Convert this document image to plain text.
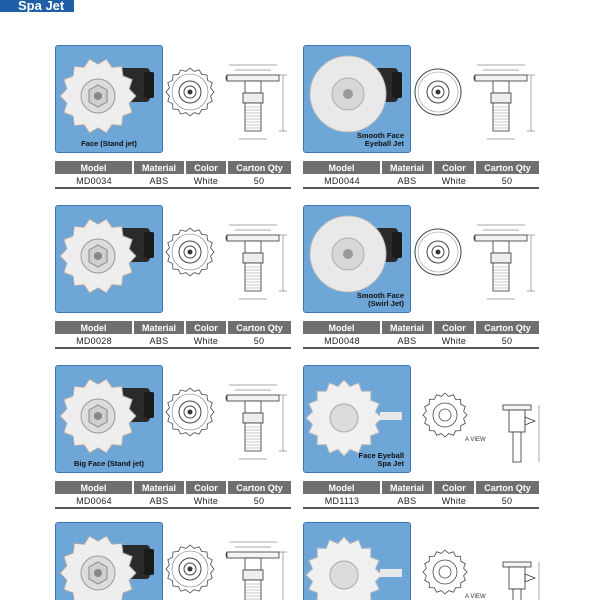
Spa Jet
Face (Stand jet)
Model	Material	Color	Carton Qty
MD0034	ABS	White	50
Smooth Face
Eyeball Jet
Model	Material	Color	Carton Qty
MD0044	ABS	White	50
Model	Material	Color	Carton Qty
MD0028	ABS	White	50
Smooth Face
(Swirl Jet)
Model	Material	Color	Carton Qty
MD0048	ABS	White	50
Big Face (Stand jet)
Model	Material	Color	Carton Qty
MD0064	ABS	White	50
Face Eyeball
Spa Jet
A VIEW
Model	Material	Color	Carton Qty
MD1113	ABS	White	50
A VIEW
